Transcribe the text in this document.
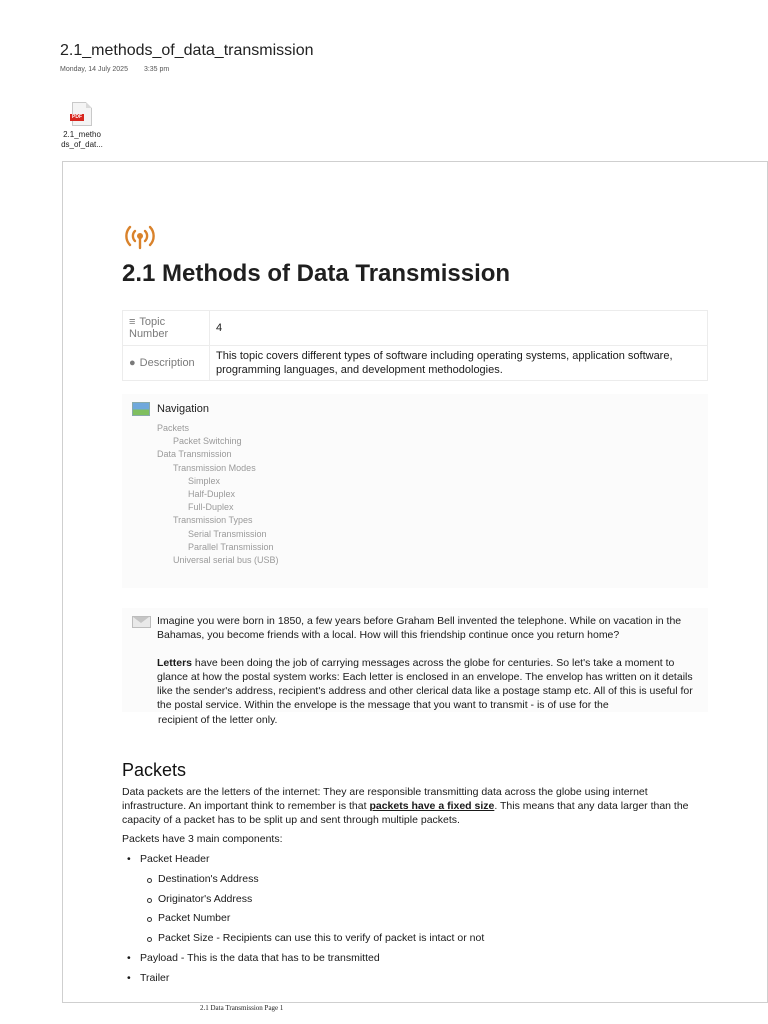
2.1_methods_of_data_transmission
Monday, 14 July 2025 3:35 pm
PDF
2.1_metho
ds_of_dat...
2.1 Methods of Data Transmission
≡ Topic
Number	4
● Description	This topic covers different types of software including operating systems, application software, programming languages, and development methodologies.
Navigation
Packets
Packet Switching
Data Transmission
Transmission Modes
Simplex
Half-Duplex
Full-Duplex
Transmission Types
Serial Transmission
Parallel Transmission
Universal serial bus (USB)

Imagine you were born in 1850, a few years before Graham Bell invented the telephone. While on vacation in the Bahamas, you become friends with a local. How will this friendship continue once you return home?

Letters have been doing the job of carrying messages across the globe for centuries. So let's take a moment to glance at how the postal system works: Each letter is enclosed in an envelope. The envelop has written on it details like the sender's address, recipient's address and other clerical data like a postage stamp etc. All of this is useful for the postal service. Within the envelope is the message that you want to transmit - is of use for the

recipient of the letter only.
Packets

Data packets are the letters of the internet: They are responsible transmitting data across the globe using internet infrastructure. An important think to remember is that packets have a fixed size. This means that any data larger than the capacity of a packet has to be split up and sent through multiple packets.

Packets have 3 main components:

• Packet Header
Destination's Address
Originator's Address
Packet Number
Packet Size - Recipients can use this to verify of packet is intact or not
• Payload - This is the data that has to be transmitted
• Trailer
2.1 Data Transmission Page 1
